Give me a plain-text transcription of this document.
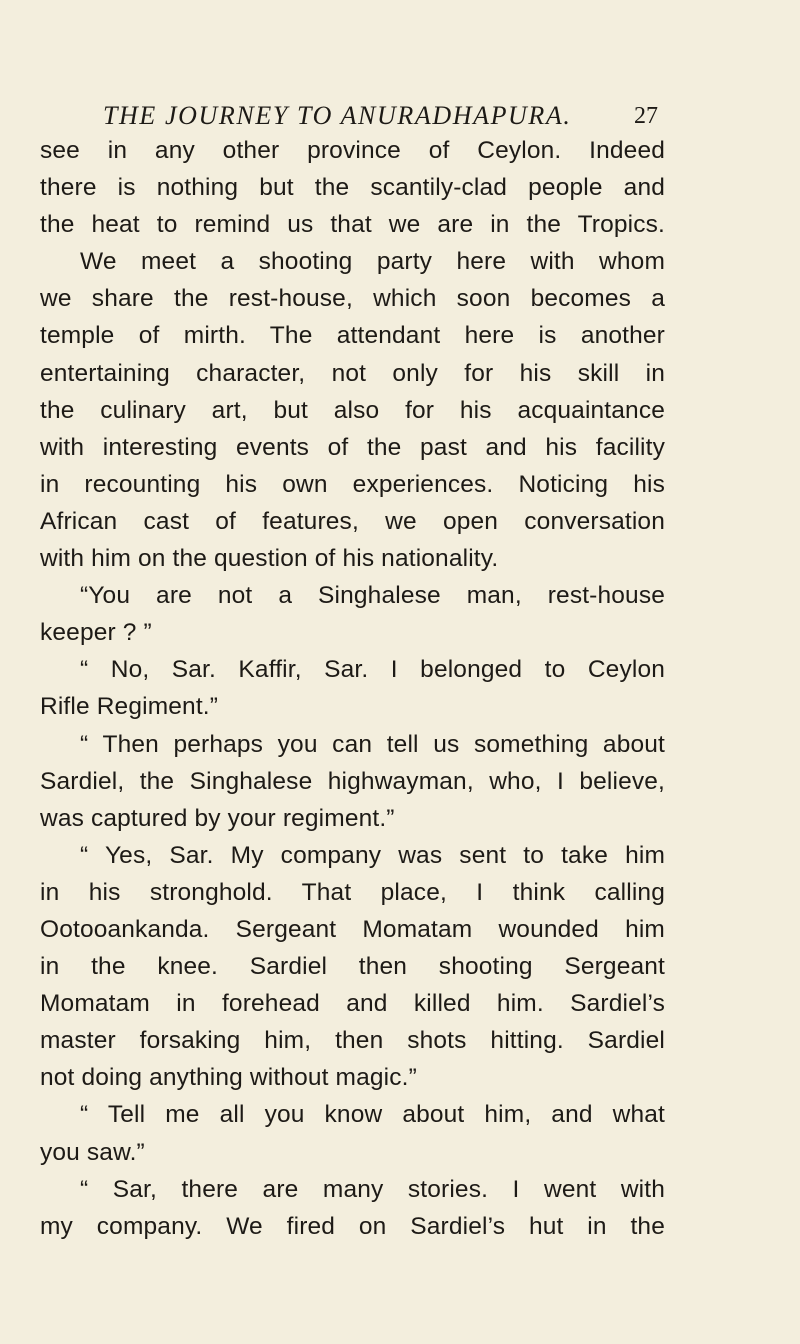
THE JOURNEY TO ANURADHAPURA.	27
see in any other province of Ceylon. Indeed
there is nothing but the scantily-clad people and
the heat to remind us that we are in the Tropics.
We meet a shooting party here with whom
we share the rest-house, which soon becomes a
temple of mirth. The attendant here is another
entertaining character, not only for his skill in
the culinary art, but also for his acquaintance
with interesting events of the past and his facility
in recounting his own experiences. Noticing his
African cast of features, we open conversation
with him on the question of his nationality.
“You are not a Singhalese man, rest-house
keeper ? ”
“ No, Sar. Kaffir, Sar. I belonged to Ceylon
Rifle Regiment.”
“ Then perhaps you can tell us something about
Sardiel, the Singhalese highwayman, who, I believe,
was captured by your regiment.”
“ Yes, Sar. My company was sent to take him
in his stronghold. That place, I think calling
Ootooankanda. Sergeant Momatam wounded him
in the knee. Sardiel then shooting Sergeant
Momatam in forehead and killed him. Sardiel’s
master forsaking him, then shots hitting. Sardiel
not doing anything without magic.”
“ Tell me all you know about him, and what
you saw.”
“ Sar, there are many stories. I went with
my company. We fired on Sardiel’s hut in the
